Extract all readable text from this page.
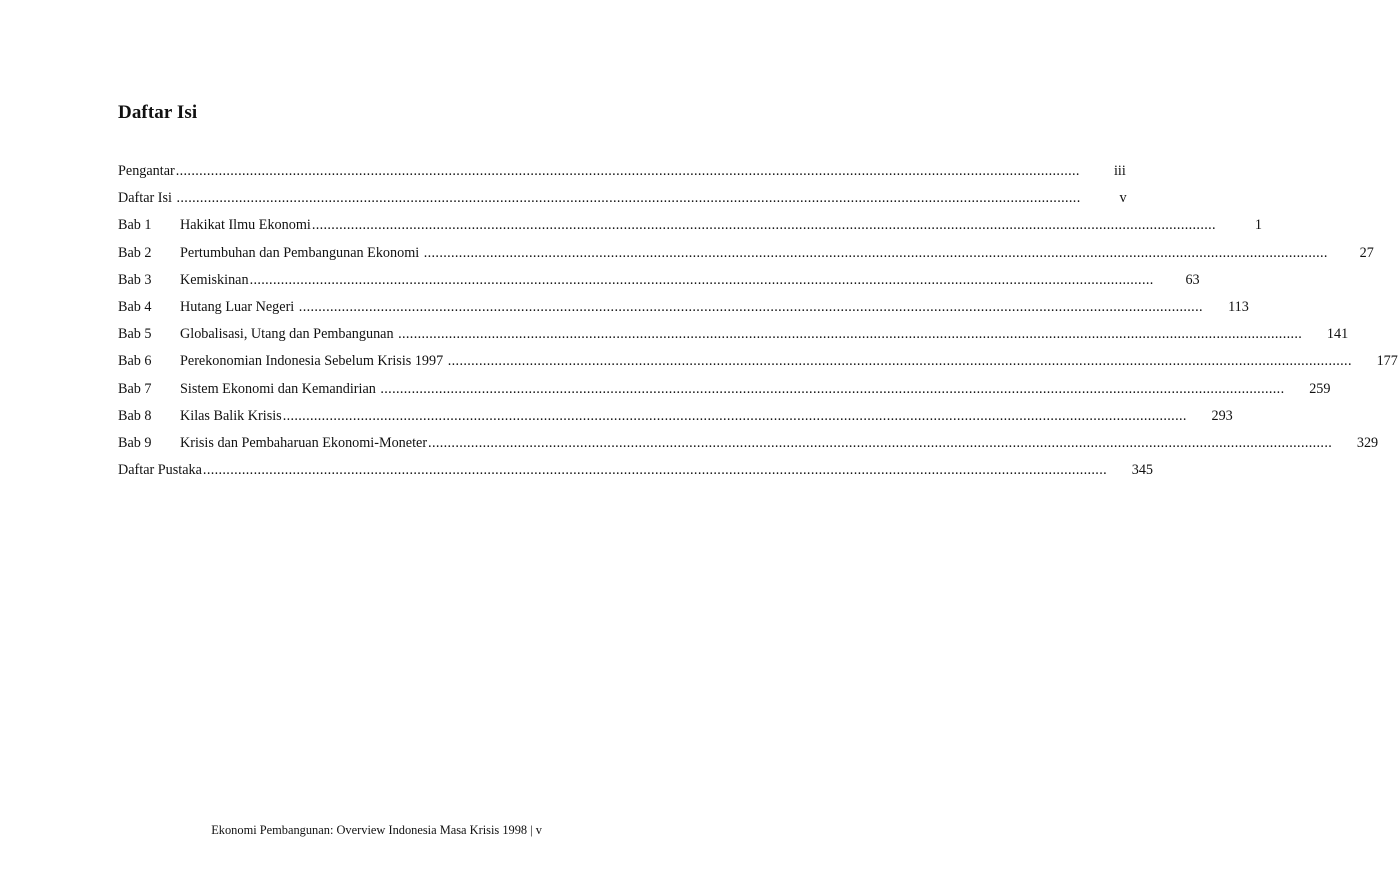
Daftar Isi
Pengantar .....	iii
Daftar Isi .....	v
Bab 1	Hakikat Ilmu Ekonomi .....	1
Bab 2	Pertumbuhan dan Pembangunan Ekonomi .....	27
Bab 3	Kemiskinan .....	63
Bab 4	Hutang Luar Negeri .....	113
Bab 5	Globalisasi, Utang dan Pembangunan .....	141
Bab 6	Perekonomian Indonesia Sebelum Krisis 1997 .....	177
Bab 7	Sistem Ekonomi dan Kemandirian .....	259
Bab 8	Kilas Balik Krisis .....	293
Bab 9	Krisis dan Pembaharuan Ekonomi-Moneter .....	329
Daftar Pustaka .....	345
Ekonomi Pembangunan: Overview Indonesia Masa Krisis 1998 | v
